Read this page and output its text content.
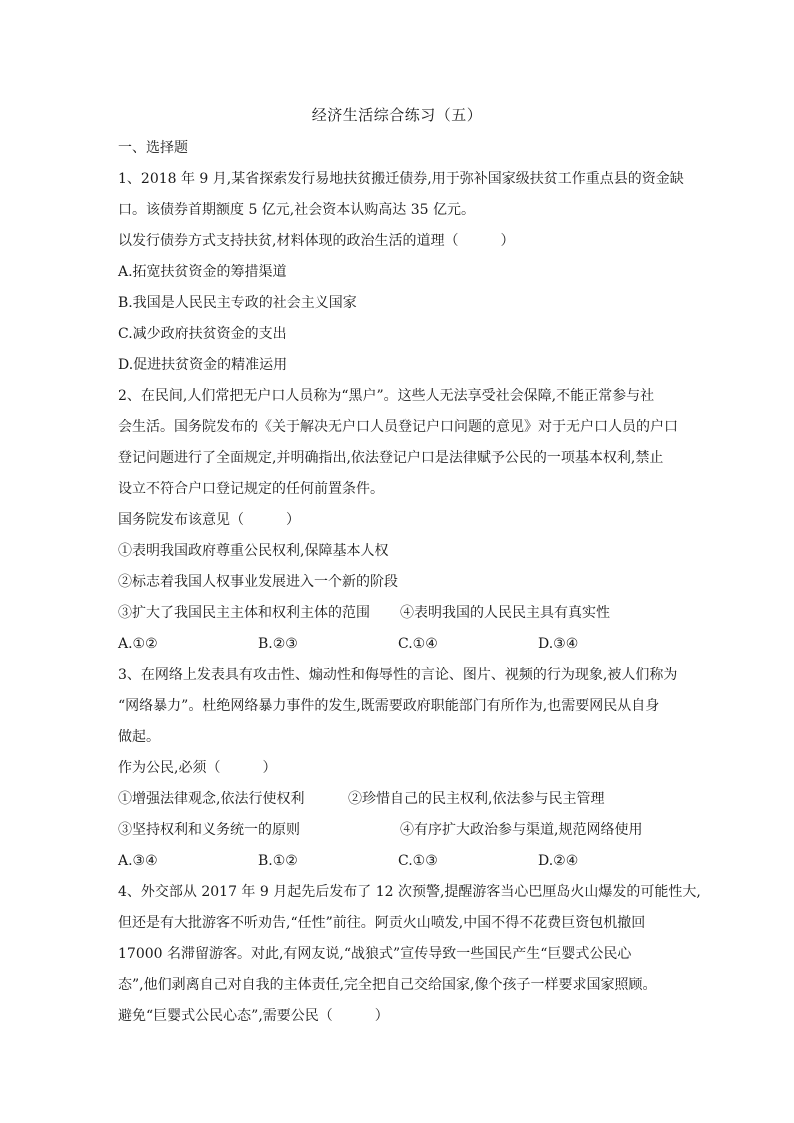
经济生活综合练习（五）
一、选择题
1、2018 年 9 月,某省探索发行易地扶贫搬迁债券,用于弥补国家级扶贫工作重点县的资金缺
口。该债券首期额度 5 亿元,社会资本认购高达 35 亿元。
以发行债券方式支持扶贫,材料体现的政治生活的道理（　　　）
A.拓宽扶贫资金的筹措渠道
B.我国是人民民主专政的社会主义国家
C.减少政府扶贫资金的支出
D.促进扶贫资金的精准运用
2、在民间,人们常把无户口人员称为“黑户”。这些人无法享受社会保障,不能正常参与社
会生活。国务院发布的《关于解决无户口人员登记户口问题的意见》对于无户口人员的户口
登记问题进行了全面规定,并明确指出,依法登记户口是法律赋予公民的一项基本权利,禁止
设立不符合户口登记规定的任何前置条件。
国务院发布该意见（　　　）
①表明我国政府尊重公民权利,保障基本人权
②标志着我国人权事业发展进入一个新的阶段
③扩大了我国民主主体和权利主体的范围	④表明我国的人民民主具有真实性
A.①②	B.②③	C.①④	D.③④
3、在网络上发表具有攻击性、煽动性和侮辱性的言论、图片、视频的行为现象,被人们称为
“网络暴力”。杜绝网络暴力事件的发生,既需要政府职能部门有所作为,也需要网民从自身
做起。
作为公民,必须（　　　）
①增强法律观念,依法行使权利	②珍惜自己的民主权利,依法参与民主管理
③坚持权利和义务统一的原则	④有序扩大政治参与渠道,规范网络使用
A.③④	B.①②	C.①③	D.②④
4、外交部从 2017 年 9 月起先后发布了 12 次预警,提醒游客当心巴厘岛火山爆发的可能性大,
但还是有大批游客不听劝告,“任性”前往。阿贡火山喷发,中国不得不花费巨资包机撤回
17000 名滞留游客。对此,有网友说,“战狼式”宣传导致一些国民产生“巨婴式公民心
态”,他们剥离自己对自我的主体责任,完全把自己交给国家,像个孩子一样要求国家照顾。
避免“巨婴式公民心态”,需要公民（　　　）
